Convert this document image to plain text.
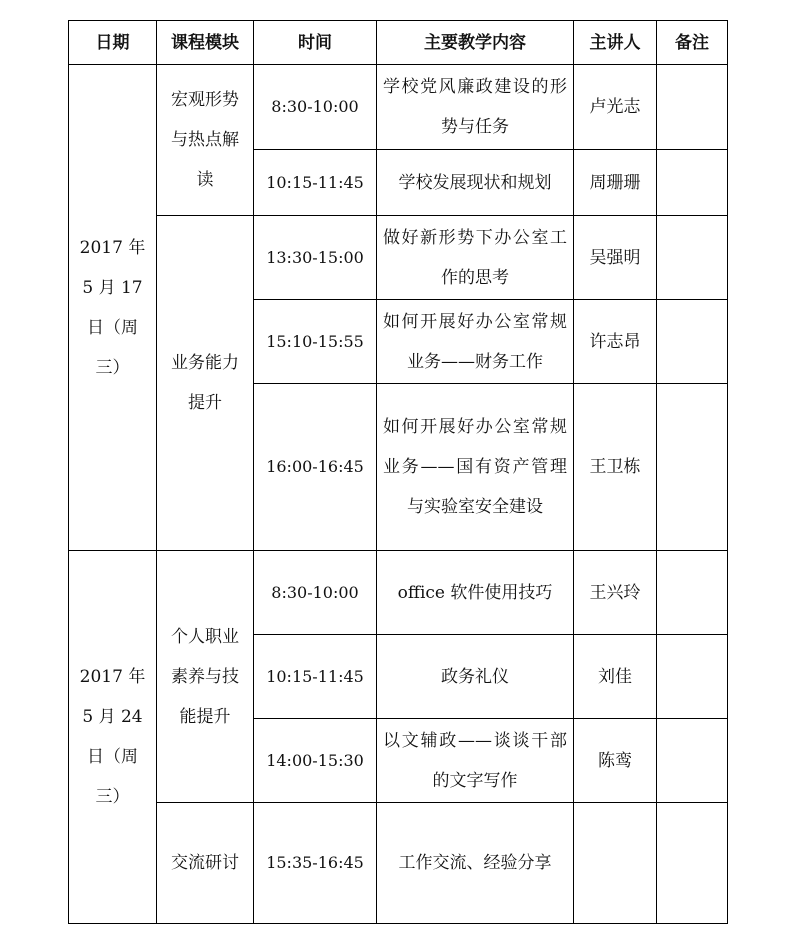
日期	课程模块	时间	主要教学内容	主讲人	备注
2017 年 5 月 17 日（周三）	宏观形势与热点解读	8:30-10:00	学校党风廉政建设的形势与任务	卢光志	
		10:15-11:45	学校发展现状和规划	周珊珊	
	业务能力提升	13:30-15:00	做好新形势下办公室工作的思考	吴强明	
		15:10-15:55	如何开展好办公室常规业务——财务工作	许志昂	
		16:00-16:45	如何开展好办公室常规业务——国有资产管理与实验室安全建设	王卫栋	
2017 年 5 月 24 日（周三）	个人职业素养与技能提升	8:30-10:00	office 软件使用技巧	王兴玲	
		10:15-11:45	政务礼仪	刘佳	
		14:00-15:30	以文辅政——谈谈干部的文字写作	陈鸾	
	交流研讨	15:35-16:45	工作交流、经验分享		
